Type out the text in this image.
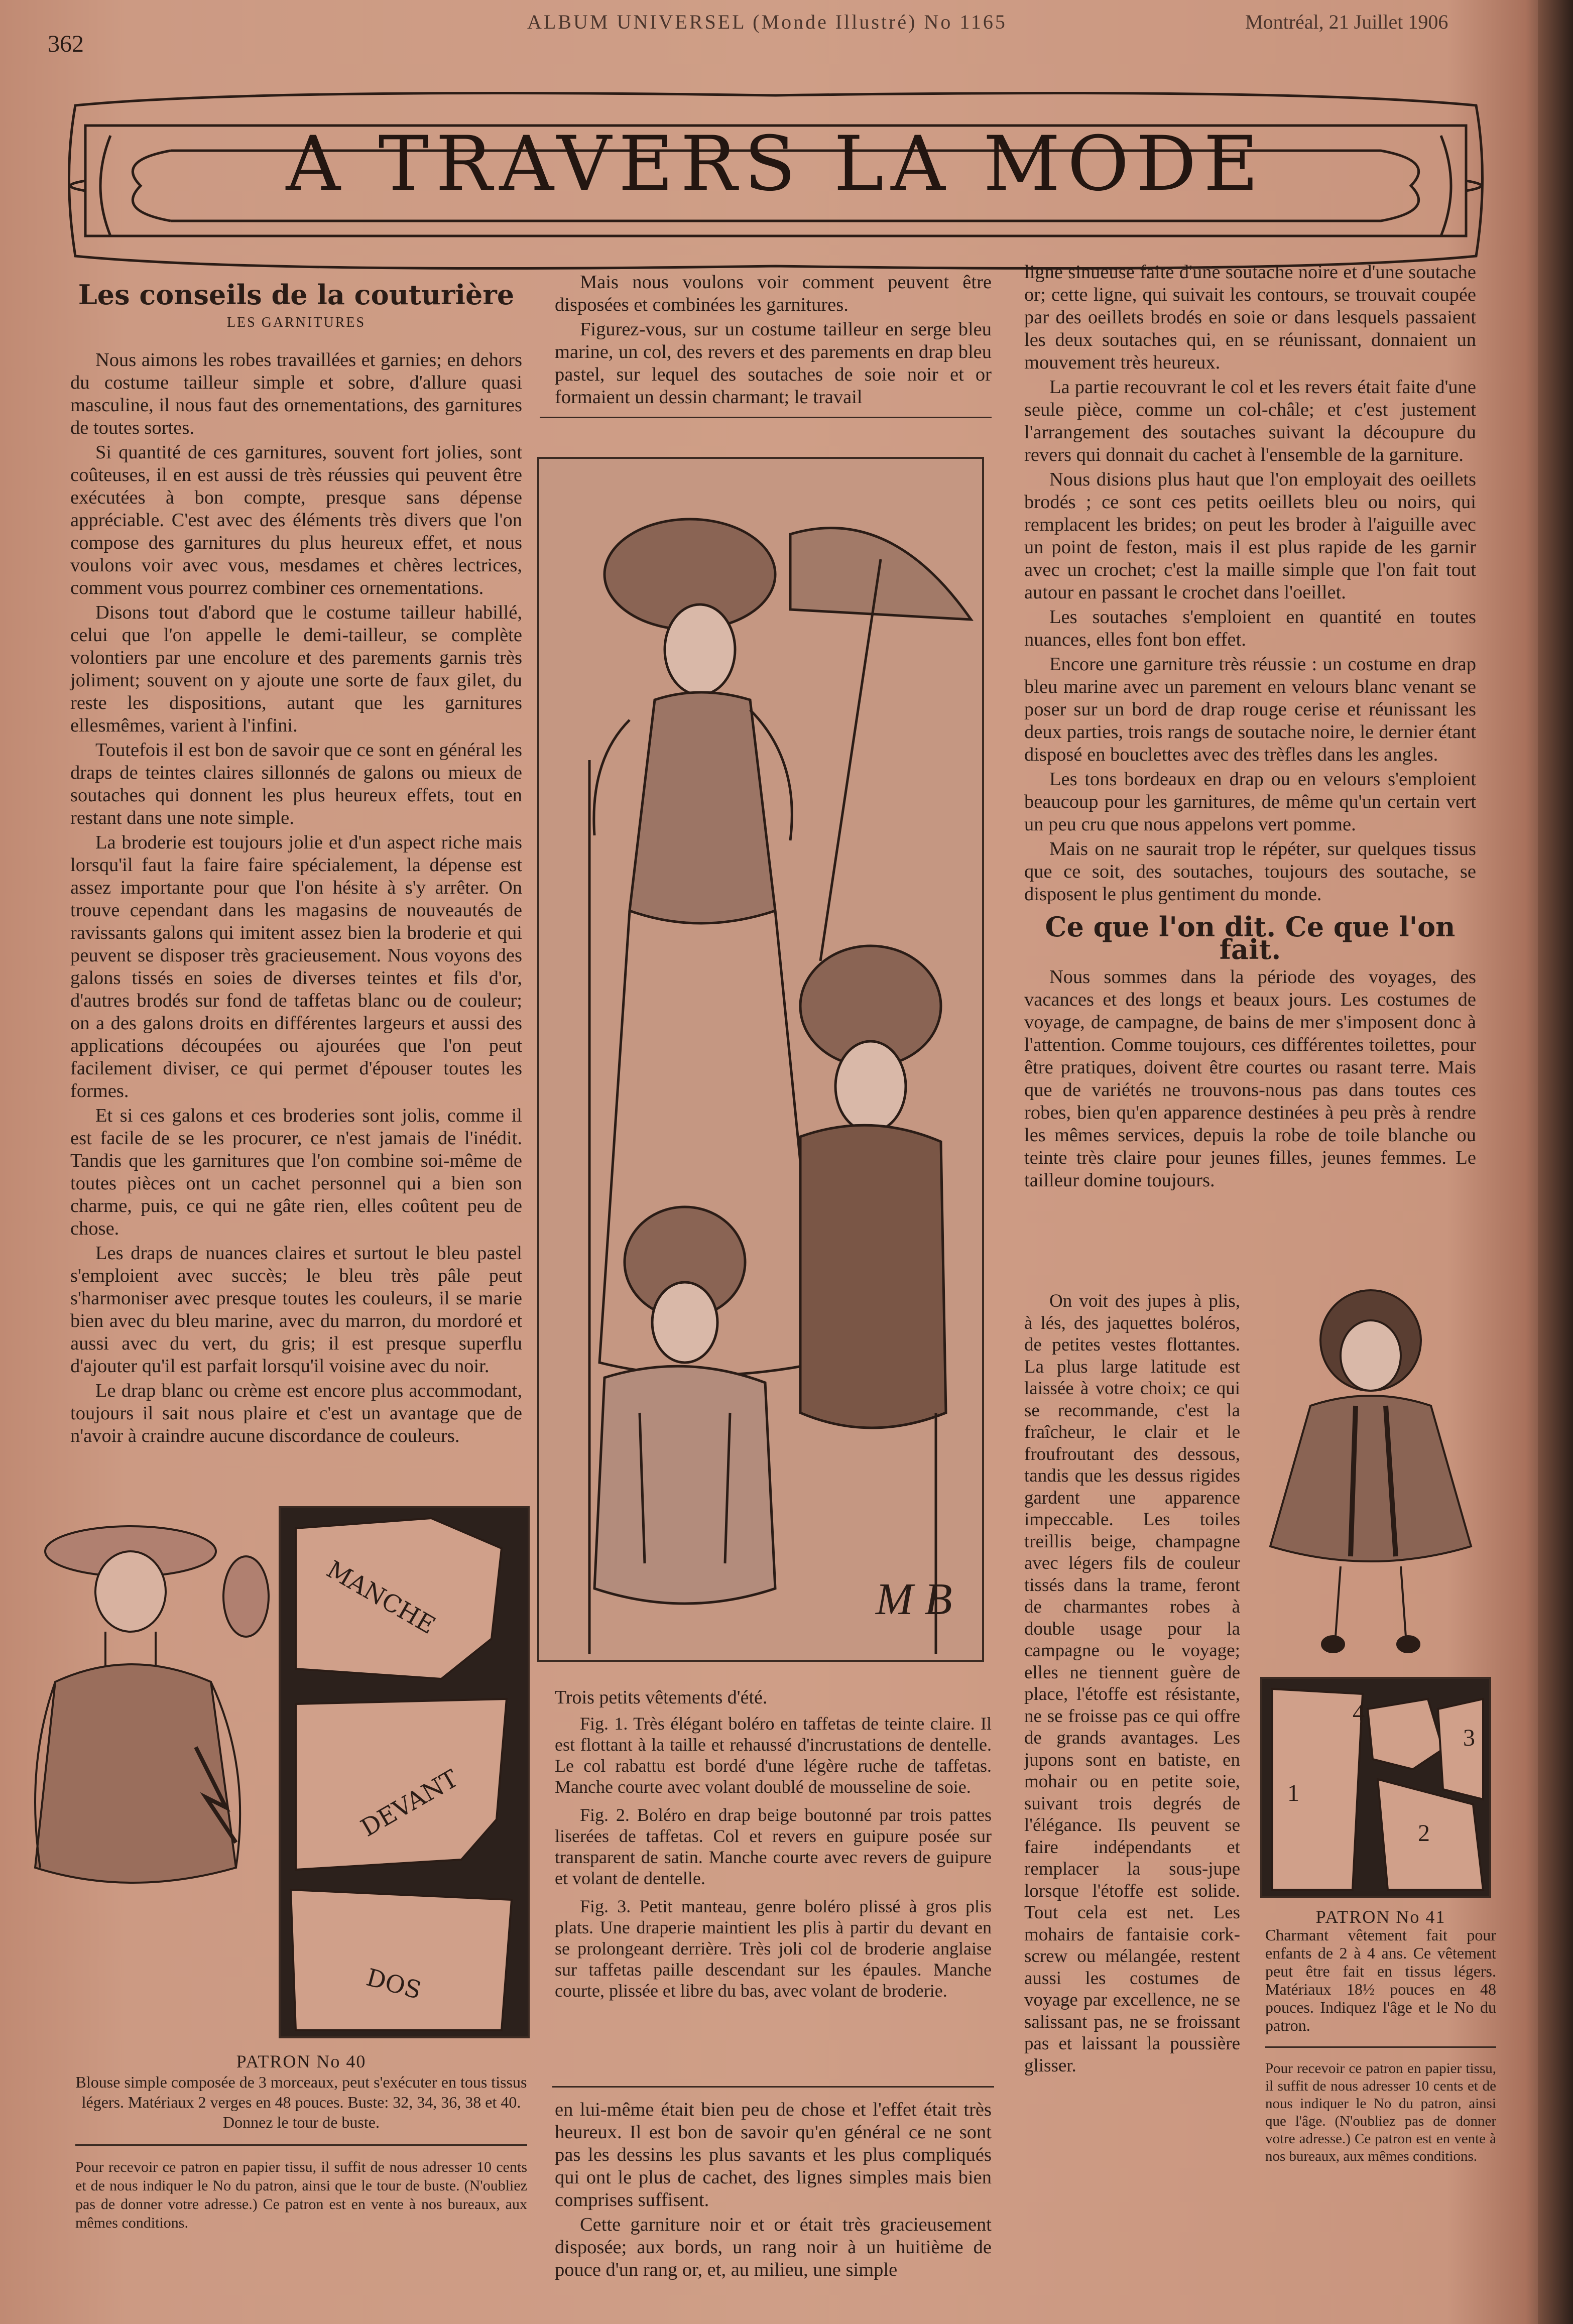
362
ALBUM UNIVERSEL (Monde Illustré) No 1165	Montréal, 21 Juillet 1906
A TRAVERS LA MODE
Les conseils de la couturière
LES GARNITURES

Nous aimons les robes travaillées et garnies; en dehors du costume tailleur simple et sobre, d'allure quasi masculine, il nous faut des ornementations, des garnitures de toutes sortes.

Si quantité de ces garnitures, souvent fort jolies, sont coûteuses, il en est aussi de très réussies qui peuvent être exécutées à bon compte, presque sans dépense appréciable. C'est avec des éléments très divers que l'on compose des garnitures du plus heureux effet, et nous voulons voir avec vous, mesdames et chères lectrices, comment vous pourrez combiner ces ornementations.

Disons tout d'abord que le costume tailleur habillé, celui que l'on appelle le demi-tailleur, se complète volontiers par une encolure et des parements garnis très joliment; souvent on y ajoute une sorte de faux gilet, du reste les dispositions, autant que les garnitures ellesmêmes, varient à l'infini.

Toutefois il est bon de savoir que ce sont en général les draps de teintes claires sillonnés de galons ou mieux de soutaches qui donnent les plus heureux effets, tout en restant dans une note simple.

La broderie est toujours jolie et d'un aspect riche mais lorsqu'il faut la faire faire spécialement, la dépense est assez importante pour que l'on hésite à s'y arrêter. On trouve cependant dans les magasins de nouveautés de ravissants galons qui imitent assez bien la broderie et qui peuvent se disposer très gracieusement. Nous voyons des galons tissés en soies de diverses teintes et fils d'or, d'autres brodés sur fond de taffetas blanc ou de couleur; on a des galons droits en différentes largeurs et aussi des applications découpées ou ajourées que l'on peut facilement diviser, ce qui permet d'épouser toutes les formes.

Et si ces galons et ces broderies sont jolis, comme il est facile de se les procurer, ce n'est jamais de l'inédit. Tandis que les garnitures que l'on combine soi-même de toutes pièces ont un cachet personnel qui a bien son charme, puis, ce qui ne gâte rien, elles coûtent peu de chose.

Les draps de nuances claires et surtout le bleu pastel s'emploient avec succès; le bleu très pâle peut s'harmoniser avec presque toutes les couleurs, il se marie bien avec du bleu marine, avec du marron, du mordoré et aussi avec du vert, du gris; il est presque superflu d'ajouter qu'il est parfait lorsqu'il voisine avec du noir.

Le drap blanc ou crème est encore plus accommodant, toujours il sait nous plaire et c'est un avantage que de n'avoir à craindre aucune discordance de couleurs.

MANCHE
DEVANT
DOS
PATRON No 40
Blouse simple composée de 3 morceaux, peut s'exécuter en tous tissus légers. Matériaux 2 verges en 48 pouces. Buste: 32, 34, 36, 38 et 40. Donnez le tour de buste.
Pour recevoir ce patron en papier tissu, il suffit de nous adresser 10 cents et de nous indiquer le No du patron, ainsi que le tour de buste. (N'oubliez pas de donner votre adresse.) Ce patron est en vente à nos bureaux, aux mêmes conditions.

Mais nous voulons voir comment peuvent être disposées et combinées les garnitures.

Figurez-vous, sur un costume tailleur en serge bleu marine, un col, des revers et des parements en drap bleu pastel, sur lequel des soutaches de soie noir et or formaient un dessin charmant; le travail

M B
Trois petits vêtements d'été.

Fig. 1. Très élégant boléro en taffetas de teinte claire. Il est flottant à la taille et rehaussé d'incrustations de dentelle. Le col rabattu est bordé d'une légère ruche de taffetas. Manche courte avec volant doublé de mousseline de soie.

Fig. 2. Boléro en drap beige boutonné par trois pattes liserées de taffetas. Col et revers en guipure posée sur transparent de satin. Manche courte avec revers de guipure et volant de dentelle.

Fig. 3. Petit manteau, genre boléro plissé à gros plis plats. Une draperie maintient les plis à partir du devant en se prolongeant derrière. Très joli col de broderie anglaise sur taffetas paille descendant sur les épaules. Manche courte, plissée et libre du bas, avec volant de broderie.

en lui-même était bien peu de chose et l'effet était très heureux. Il est bon de savoir qu'en général ce ne sont pas les dessins les plus savants et les plus compliqués qui ont le plus de cachet, des lignes simples mais bien comprises suffisent.

Cette garniture noir et or était très gracieusement disposée; aux bords, un rang noir à un huitième de pouce d'un rang or, et, au milieu, une simple

ligne sinueuse faite d'une soutache noire et d'une soutache or; cette ligne, qui suivait les contours, se trouvait coupée par des oeillets brodés en soie or dans lesquels passaient les deux soutaches qui, en se réunissant, donnaient un mouvement très heureux.

La partie recouvrant le col et les revers était faite d'une seule pièce, comme un col-châle; et c'est justement l'arrangement des soutaches suivant la découpure du revers qui donnait du cachet à l'ensemble de la garniture.

Nous disions plus haut que l'on employait des oeillets brodés ; ce sont ces petits oeillets bleu ou noirs, qui remplacent les brides; on peut les broder à l'aiguille avec un point de feston, mais il est plus rapide de les garnir avec un crochet; c'est la maille simple que l'on fait tout autour en passant le crochet dans l'oeillet.

Les soutaches s'emploient en quantité en toutes nuances, elles font bon effet.

Encore une garniture très réussie : un costume en drap bleu marine avec un parement en velours blanc venant se poser sur un bord de drap rouge cerise et réunissant les deux parties, trois rangs de soutache noire, le dernier étant disposé en bouclettes avec des trèfles dans les angles.

Les tons bordeaux en drap ou en velours s'emploient beaucoup pour les garnitures, de même qu'un certain vert un peu cru que nous appelons vert pomme.

Mais on ne saurait trop le répéter, sur quelques tissus que ce soit, des soutaches, toujours des soutache, se disposent le plus gentiment du monde.

Ce que l'on dit. Ce que l'on fait.

Nous sommes dans la période des voyages, des vacances et des longs et beaux jours. Les costumes de voyage, de campagne, de bains de mer s'imposent donc à l'attention. Comme toujours, ces différentes toilettes, pour être pratiques, doivent être courtes ou rasant terre. Mais que de variétés ne trouvons-nous pas dans toutes ces robes, bien qu'en apparence destinées à peu près à rendre les mêmes services, depuis la robe de toile blanche ou teinte très claire pour jeunes filles, jeunes femmes. Le tailleur domine toujours.

On voit des jupes à plis, à lés, des jaquettes boléros, de petites vestes flottantes. La plus large latitude est laissée à votre choix; ce qui se recommande, c'est la fraîcheur, le clair et le froufroutant des dessous, tandis que les dessus rigides gardent une apparence impeccable. Les toiles treillis beige, champagne avec légers fils de couleur tissés dans la trame, feront de charmantes robes à double usage pour la campagne ou le voyage; elles ne tiennent guère de place, l'étoffe est résistante, ne se froisse pas ce qui offre de grands avantages. Les jupons sont en batiste, en mohair ou en petite soie, suivant trois degrés de l'élégance. Ils peuvent se faire indépendants et remplacer la sous-jupe lorsque l'étoffe est solide. Tout cela est net. Les mohairs de fantaisie cork-screw ou mélangée, restent aussi les costumes de voyage par excellence, ne se salissant pas, ne se froissant pas et laissant la poussière glisser.

1
2
3
4
PATRON No 41
Charmant vêtement fait pour enfants de 2 à 4 ans. Ce vêtement peut être fait en tissus légers. Matériaux 18½ pouces en 48 pouces. Indiquez l'âge et le No du patron.
Pour recevoir ce patron en papier tissu, il suffit de nous adresser 10 cents et de nous indiquer le No du patron, ainsi que l'âge. (N'oubliez pas de donner votre adresse.) Ce patron est en vente à nos bureaux, aux mêmes conditions.
